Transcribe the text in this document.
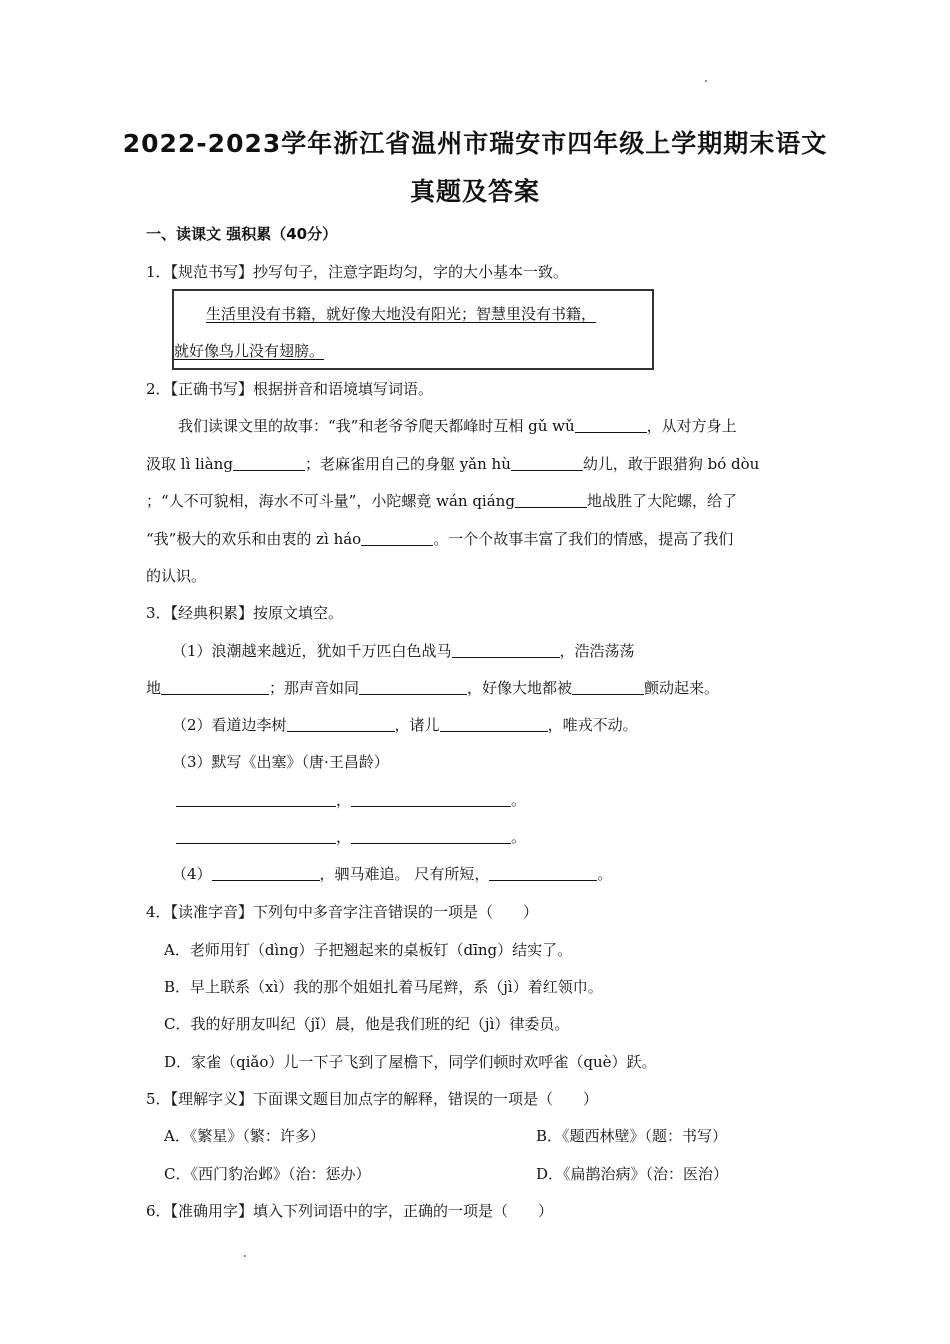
2022-2023学年浙江省温州市瑞安市四年级上学期期末语文
真题及答案
一、读课文 强积累（40分）
1．【规范书写】抄写句子，注意字距均匀，字的大小基本一致。
生活里没有书籍，就好像大地没有阳光；智慧里没有书籍，
就好像鸟儿没有翅膀。
2．【正确书写】根据拼音和语境填写词语。
我们读课文里的故事：“我”和老爷爷爬天都峰时互相 gǔ wǔ	，从对方身上
汲取 lì liàng	；老麻雀用自己的身躯 yǎn hù	幼儿，敢于跟猎狗 bó dòu
；“人不可貌相，海水不可斗量”，小陀螺竟 wán qiáng	地战胜了大陀螺，给了
“我”极大的欢乐和由衷的 zì háo	。一个个故事丰富了我们的情感，提高了我们
的认识。
3．【经典积累】按原文填空。
（1）浪潮越来越近，犹如千万匹白色战马	，浩浩荡荡
地	；那声音如同	，好像大地都被	颤动起来。
（2）看道边李树	，诸儿	，唯戎不动。
（3）默写《出塞》（唐·王昌龄）
，	。
，	。
（4）	，驷马难追。 尺有所短，	。
4．【读准字音】下列句中多音字注音错误的一项是（　　）
A．老师用钉（dìng）子把翘起来的桌板钉（dīng）结实了。
B．早上联系（xì）我的那个姐姐扎着马尾辫，系（jì）着红领巾。
C．我的好朋友叫纪（jǐ）晨，他是我们班的纪（jì）律委员。
D．家雀（qiǎo）儿一下子飞到了屋檐下，同学们顿时欢呼雀（què）跃。
5．【理解字义】下面课文题目加点字的解释，错误的一项是（　　）
A．《繁星》（繁：许多）	B．《题西林壁》（题：书写）
C．《西门豹治邺》（治：惩办）	D．《扁鹊治病》（治：医治）
6．【准确用字】填入下列词语中的字，正确的一项是（　　）
